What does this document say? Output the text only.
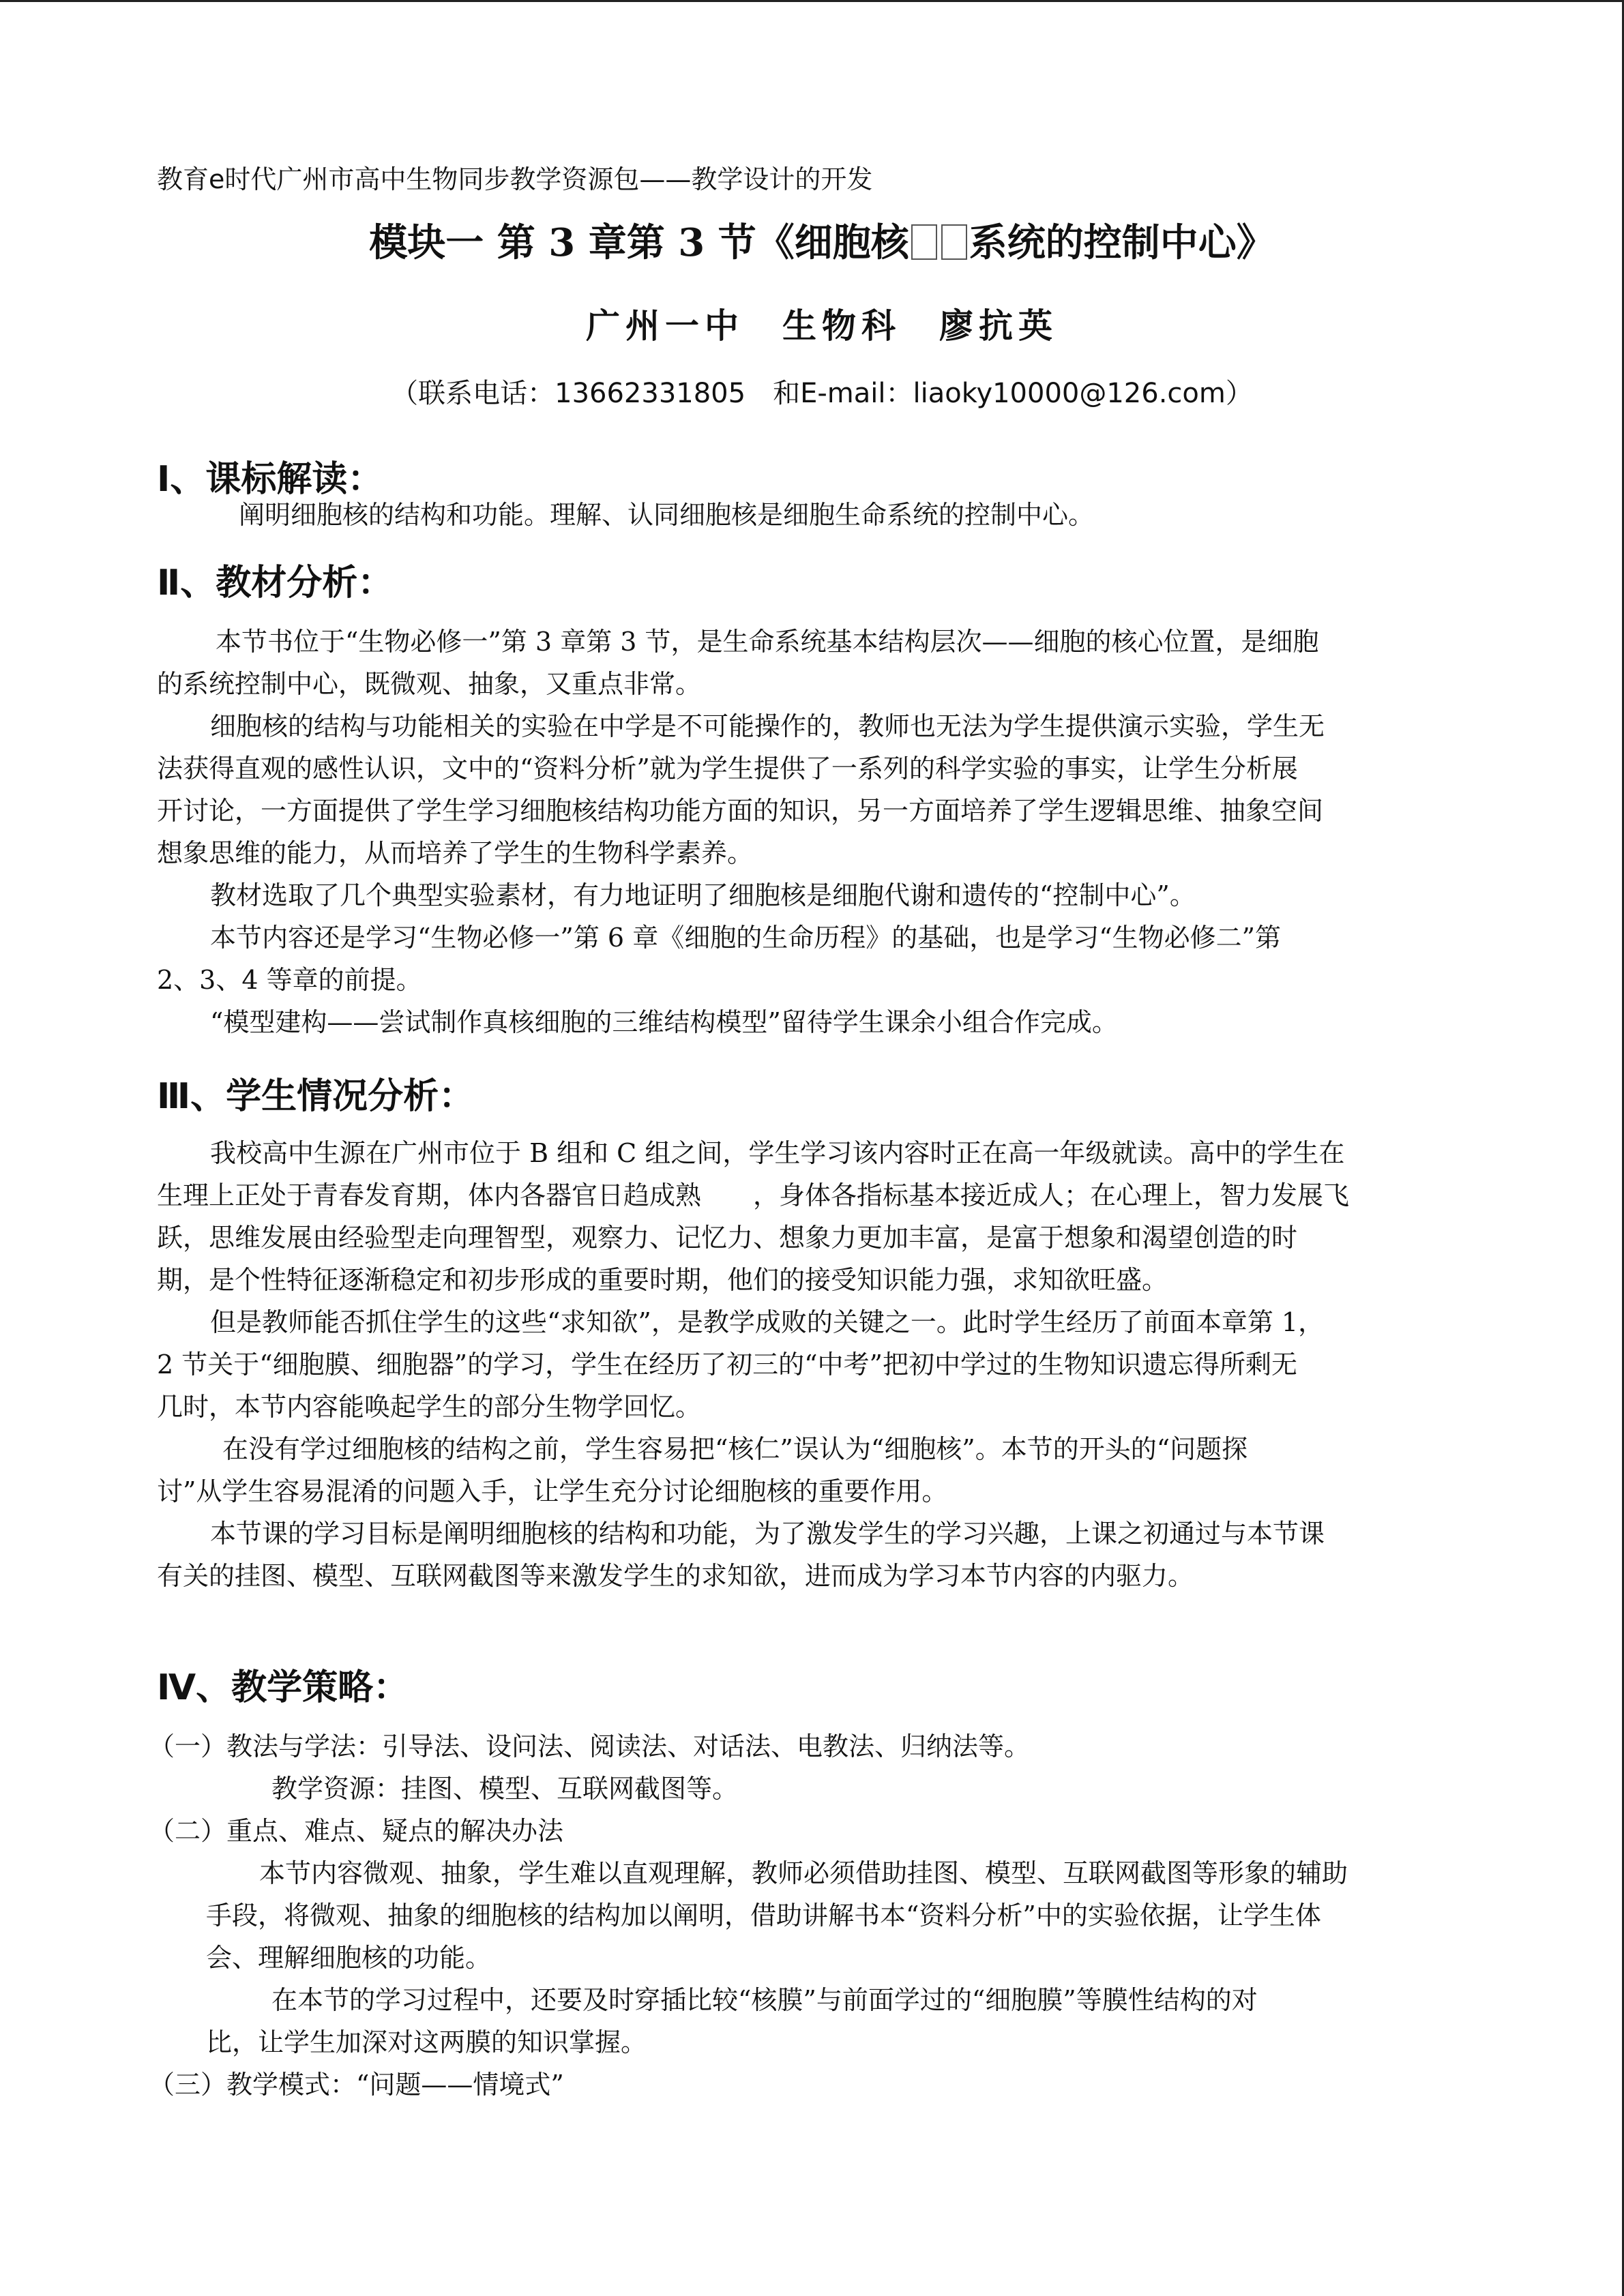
教育e时代广州市高中生物同步教学资源包——教学设计的开发
模块一 第 3 章第 3 节《细胞核 系统的控制中心》
广州一中 生物科 廖抗英
（联系电话：13662331805　和E-mail：liaoky10000@126.com）
Ⅰ、课标解读：
阐明细胞核的结构和功能。理解、认同细胞核是细胞生命系统的控制中心。
Ⅱ、教材分析：
本节书位于“生物必修一”第 3 章第 3 节，是生命系统基本结构层次——细胞的核心位置，是细胞
的系统控制中心，既微观、抽象，又重点非常。
细胞核的结构与功能相关的实验在中学是不可能操作的，教师也无法为学生提供演示实验，学生无
法获得直观的感性认识，文中的“资料分析”就为学生提供了一系列的科学实验的事实，让学生分析展
开讨论，一方面提供了学生学习细胞核结构功能方面的知识，另一方面培养了学生逻辑思维、抽象空间
想象思维的能力，从而培养了学生的生物科学素养。
教材选取了几个典型实验素材，有力地证明了细胞核是细胞代谢和遗传的“控制中心”。
本节内容还是学习“生物必修一”第 6 章《细胞的生命历程》的基础，也是学习“生物必修二”第
2、3、4 等章的前提。
“模型建构——尝试制作真核细胞的三维结构模型”留待学生课余小组合作完成。
Ⅲ、学生情况分析：
我校高中生源在广州市位于 B 组和 C 组之间，学生学习该内容时正在高一年级就读。高中的学生在
生理上正处于青春发育期，体内各器官日趋成熟　　，身体各指标基本接近成人；在心理上，智力发展飞
跃，思维发展由经验型走向理智型，观察力、记忆力、想象力更加丰富，是富于想象和渴望创造的时
期，是个性特征逐渐稳定和初步形成的重要时期，他们的接受知识能力强，求知欲旺盛。
但是教师能否抓住学生的这些“求知欲”，是教学成败的关键之一。此时学生经历了前面本章第 1，
2 节关于“细胞膜、细胞器”的学习，学生在经历了初三的“中考”把初中学过的生物知识遗忘得所剩无
几时，本节内容能唤起学生的部分生物学回忆。
在没有学过细胞核的结构之前，学生容易把“核仁”误认为“细胞核”。本节的开头的“问题探
讨”从学生容易混淆的问题入手，让学生充分讨论细胞核的重要作用。
本节课的学习目标是阐明细胞核的结构和功能，为了激发学生的学习兴趣，上课之初通过与本节课
有关的挂图、模型、互联网截图等来激发学生的求知欲，进而成为学习本节内容的内驱力。
Ⅳ、教学策略：
（一）教法与学法：引导法、设问法、阅读法、对话法、电教法、归纳法等。
教学资源：挂图、模型、互联网截图等。
（二）重点、难点、疑点的解决办法
本节内容微观、抽象，学生难以直观理解，教师必须借助挂图、模型、互联网截图等形象的辅助
手段，将微观、抽象的细胞核的结构加以阐明，借助讲解书本“资料分析”中的实验依据，让学生体
会、理解细胞核的功能。
在本节的学习过程中，还要及时穿插比较“核膜”与前面学过的“细胞膜”等膜性结构的对
比，让学生加深对这两膜的知识掌握。
（三）教学模式：“问题——情境式”
